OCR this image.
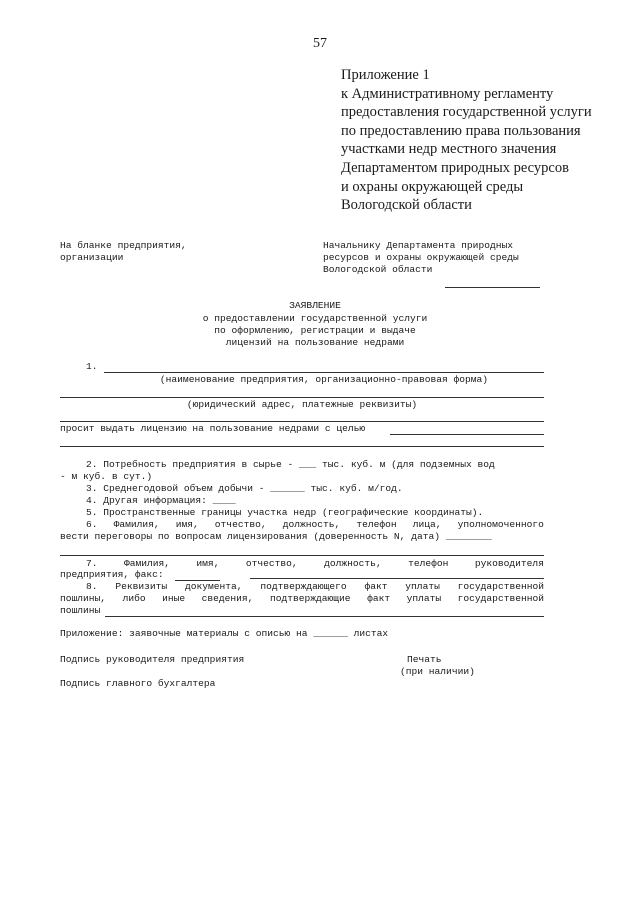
57
Приложение 1
к Административному регламенту
предоставления государственной услуги
по предоставлению права пользования
участками недр местного значения
Департаментом природных ресурсов
и охраны окружающей среды
Вологодской области
На бланке предприятия,
организации
Начальнику Департамента природных
ресурсов и охраны окружающей среды
Вологодской области
ЗАЯВЛЕНИЕ
о предоставлении государственной услуги
по оформлению, регистрации и выдаче
лицензий на пользование недрами
1.
(наименование предприятия, организационно-правовая форма)
(юридический адрес, платежные реквизиты)
просит выдать лицензию на пользование недрами с целью
2. Потребность предприятия в сырье - ___ тыс. куб. м (для подземных вод
- м куб. в сут.)
3. Среднегодовой объем добычи - ______ тыс. куб. м/год.
4. Другая информация: ____
5. Пространственные границы участка недр (географические координаты).
6. Фамилия, имя, отчество, должность, телефон лица, уполномоченного
вести переговоры по вопросам лицензирования (доверенность N, дата) ________
7.	Фамилия,	имя,	отчество,	должность,	телефон	руководителя
предприятия, факс:
8. Реквизиты документа, подтверждающего факт уплаты государственной
пошлины, либо иные сведения, подтверждающие факт уплаты государственной
пошлины
Приложение: заявочные материалы с описью на ______ листах
Подпись руководителя предприятия	Печать
(при наличии)
Подпись главного бухгалтера
